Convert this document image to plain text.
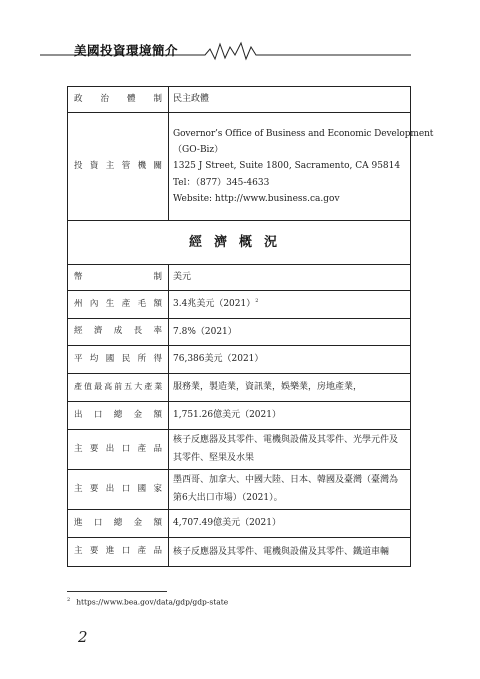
美國投資環境簡介
政治體制	民主政體

投資主管機關	Governor’s Office of Business and Economic Development
（GO-Biz）
1325 J Street, Suite 1800, Sacramento, CA 95814
Tel：（877）345-4633
Website: http://www.business.ca.gov

經濟概況	
幣制	美元
州內生產毛額	3.4兆美元$(2021)^2$
經濟成長率	7.8%（2021）
平均國民所得	76,386美元（2021）
產值最高前五大產業	服務業，製造業，資訊業，娛樂業，房地產業，
出口總金額	1,751.26億美元（2021）
主要出口產品	核子反應器及其零件、電機與設備及其零件、光學元件及其零件、堅果及水果
主要出口國家	墨西哥、加拿大、中國大陸、日本、韓國及臺灣（臺灣為第6大出口市場）（2021）。
進口總金額	4,707.49億美元（2021）
主要進口產品	核子反應器及其零件、電機與設備及其零件、鐵道車輛
$^2$ https://www.bea.gov/data/gdp/gdp-state
2
